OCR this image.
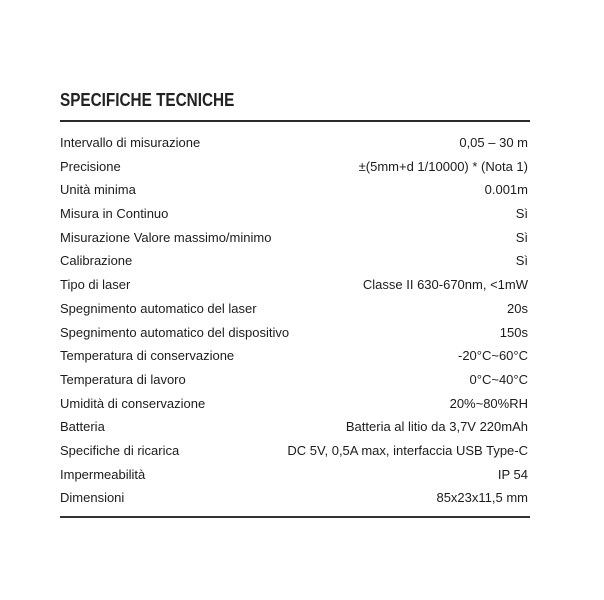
SPECIFICHE TECNICHE
Intervallo di misurazione	0,05 – 30 m
Precisione	±(5mm+d 1/10000) * (Nota 1)
Unità minima	0.001m
Misura in Continuo	Sì
Misurazione Valore massimo/minimo	Sì
Calibrazione	Sì
Tipo di laser	Classe II 630-670nm, <1mW
Spegnimento automatico del laser	20s
Spegnimento automatico del dispositivo	150s
Temperatura di conservazione	-20°C~60°C
Temperatura di lavoro	0°C~40°C
Umidità di conservazione	20%~80%RH
Batteria	Batteria al litio da 3,7V 220mAh
Specifiche di ricarica	DC 5V, 0,5A max, interfaccia USB Type-C
Impermeabilità	IP 54
Dimensioni	85x23x11,5 mm
